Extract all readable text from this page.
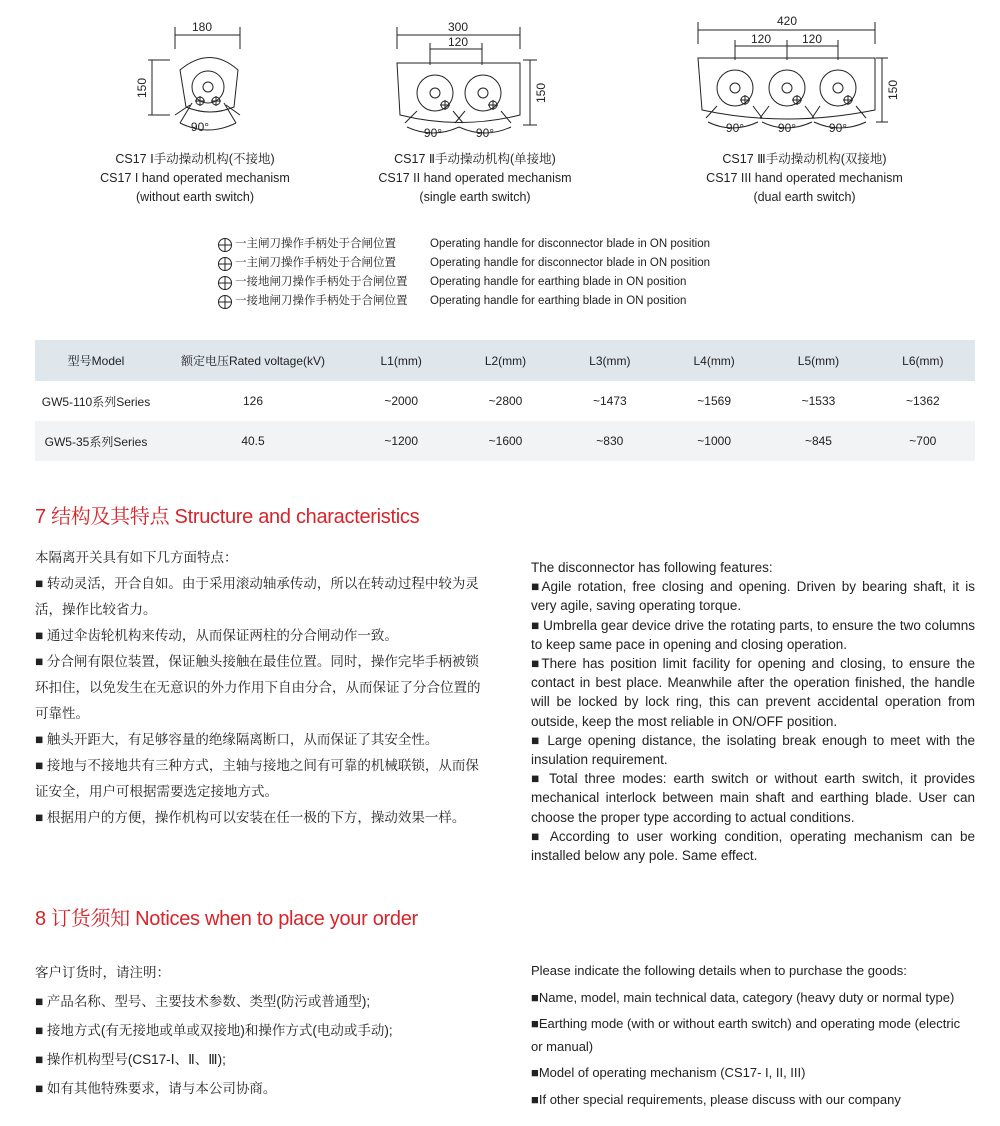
180
150
90°
CS17 Ⅰ手动操动机构(不接地)
CS17 I hand operated mechanism
(without earth switch)
300
120
150
90°	90°
CS17 Ⅱ手动操动机构(单接地)
CS17 II hand operated mechanism
(single earth switch)
420
120	120
150
90°	90°	90°
CS17 Ⅲ手动操动机构(双接地)
CS17 III hand operated mechanism
(dual earth switch)
一主闸刀操作手柄处于合闸位置	Operating handle for disconnector blade in ON position
一主闸刀操作手柄处于合闸位置	Operating handle for disconnector blade in ON position
一接地闸刀操作手柄处于合闸位置	Operating handle for earthing blade in ON position
一接地闸刀操作手柄处于合闸位置	Operating handle for earthing blade in ON position
型号Model	额定电压Rated voltage(kV)	L1(mm)	L2(mm)	L3(mm)	L4(mm)	L5(mm)	L6(mm)
GW5-110系列Series	126	~2000	~2800	~1473	~1569	~1533	~1362
GW5-35系列Series	40.5	~1200	~1600	~830	~1000	~845	~700
7 结构及其特点 Structure and characteristics

本隔离开关具有如下几方面特点：

■ 转动灵活，开合自如。由于采用滚动轴承传动，所以在转动过程中较为灵活，操作比较省力。

■ 通过伞齿轮机构来传动，从而保证两柱的分合闸动作一致。

■ 分合闸有限位装置，保证触头接触在最佳位置。同时，操作完毕手柄被锁环扣住，以免发生在无意识的外力作用下自由分合，从而保证了分合位置的可靠性。

■ 触头开距大，有足够容量的绝缘隔离断口，从而保证了其安全性。

■ 接地与不接地共有三种方式，主轴与接地之间有可靠的机械联锁，从而保证安全，用户可根据需要选定接地方式。

■ 根据用户的方便，操作机构可以安装在任一极的下方，操动效果一样。

The disconnector has following features:

■Agile rotation, free closing and opening. Driven by bearing shaft, it is very agile, saving operating torque.

■ Umbrella gear device drive the rotating parts, to ensure the two columns to keep same pace in opening and closing operation.

■There has position limit facility for opening and closing, to ensure the contact in best place. Meanwhile after the operation finished, the handle will be locked by lock ring, this can prevent accidental operation from outside, keep the most reliable in ON/OFF position.

■ Large opening distance, the isolating break enough to meet with the insulation requirement.

■ Total three modes: earth switch or without earth switch, it provides mechanical interlock between main shaft and earthing blade. User can choose the proper type according to actual conditions.

■ According to user working condition, operating mechanism can be installed below any pole. Same effect.

8 订货须知 Notices when to place your order

客户订货时，请注明：

■ 产品名称、型号、主要技术参数、类型(防污或普通型);

■ 接地方式(有无接地或单或双接地)和操作方式(电动或手动);

■ 操作机构型号(CS17-Ⅰ、Ⅱ、Ⅲ);

■ 如有其他特殊要求，请与本公司协商。

Please indicate the following details when to purchase the goods:

■Name, model, main technical data, category (heavy duty or normal type)

■Earthing mode (with or without earth switch) and operating mode (electric or manual)

■Model of operating mechanism (CS17- I, II, III)

■If other special requirements, please discuss with our company
